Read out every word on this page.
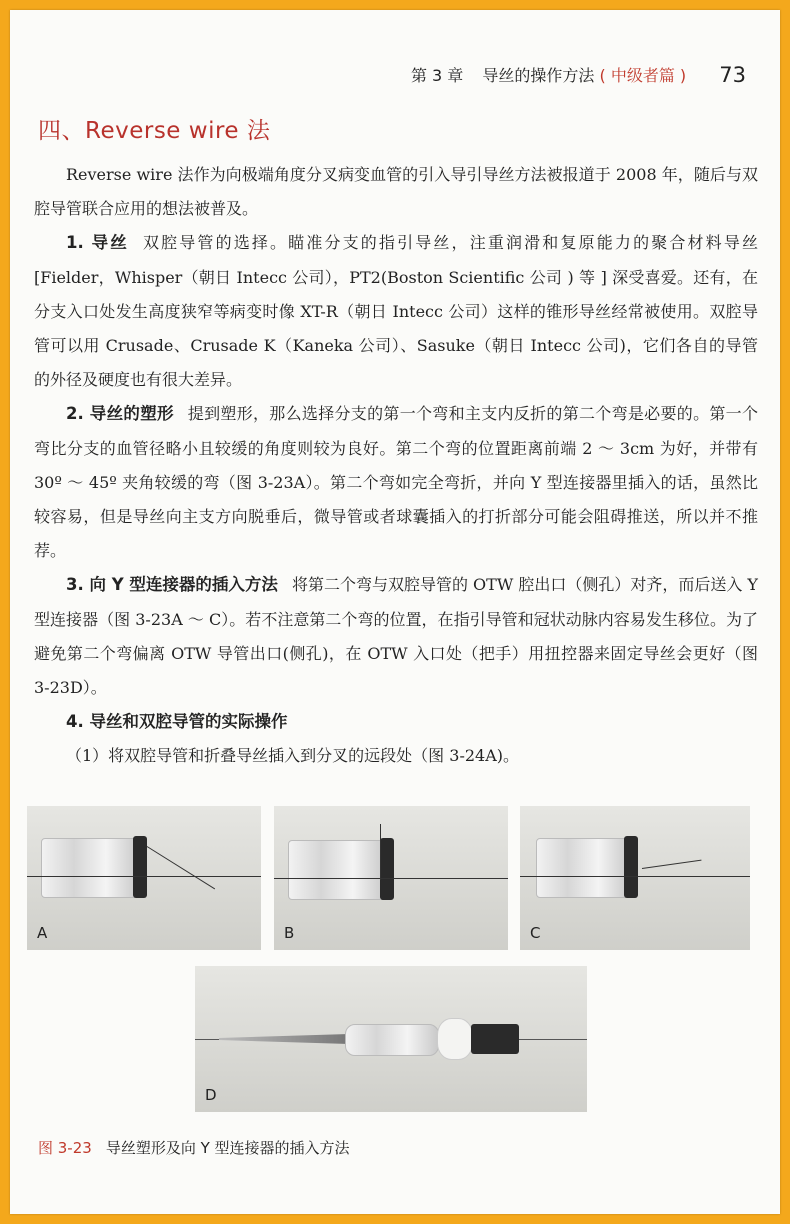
第 3 章 导丝的操作方法 ( 中级者篇 ) 73
四、Reverse wire 法

Reverse wire 法作为向极端角度分叉病变血管的引入导引导丝方法被报道于 2008 年，随后与双腔导管联合应用的想法被普及。

1. 导丝 双腔导管的选择。瞄准分支的指引导丝，注重润滑和复原能力的聚合材料导丝 [Fielder，Whisper（朝日 Intecc 公司），PT2(Boston Scientific 公司 ) 等 ] 深受喜爱。还有，在分支入口处发生高度狭窄等病变时像 XT-R（朝日 Intecc 公司）这样的锥形导丝经常被使用。双腔导管可以用 Crusade、Crusade K（Kaneka 公司）、Sasuke（朝日 Intecc 公司)，它们各自的导管的外径及硬度也有很大差异。

2. 导丝的塑形 提到塑形，那么选择分支的第一个弯和主支内反折的第二个弯是必要的。第一个弯比分支的血管径略小且较缓的角度则较为良好。第二个弯的位置距离前端 2 ～ 3cm 为好，并带有 30º ～ 45º 夹角较缓的弯（图 3-23A）。第二个弯如完全弯折，并向 Y 型连接器里插入的话，虽然比较容易，但是导丝向主支方向脱垂后，微导管或者球囊插入的打折部分可能会阻碍推送，所以并不推荐。

3. 向 Y 型连接器的插入方法 将第二个弯与双腔导管的 OTW 腔出口（侧孔）对齐，而后送入 Y 型连接器（图 3-23A ～ C）。若不注意第二个弯的位置，在指引导管和冠状动脉内容易发生移位。为了避免第二个弯偏离 OTW 导管出口(侧孔)，在 OTW 入口处（把手）用扭控器来固定导丝会更好（图 3-23D）。

4. 导丝和双腔导管的实际操作

（1）将双腔导管和折叠导丝插入到分叉的远段处（图 3-24A)。

A	B	C
D
图 3-23 导丝塑形及向 Y 型连接器的插入方法
